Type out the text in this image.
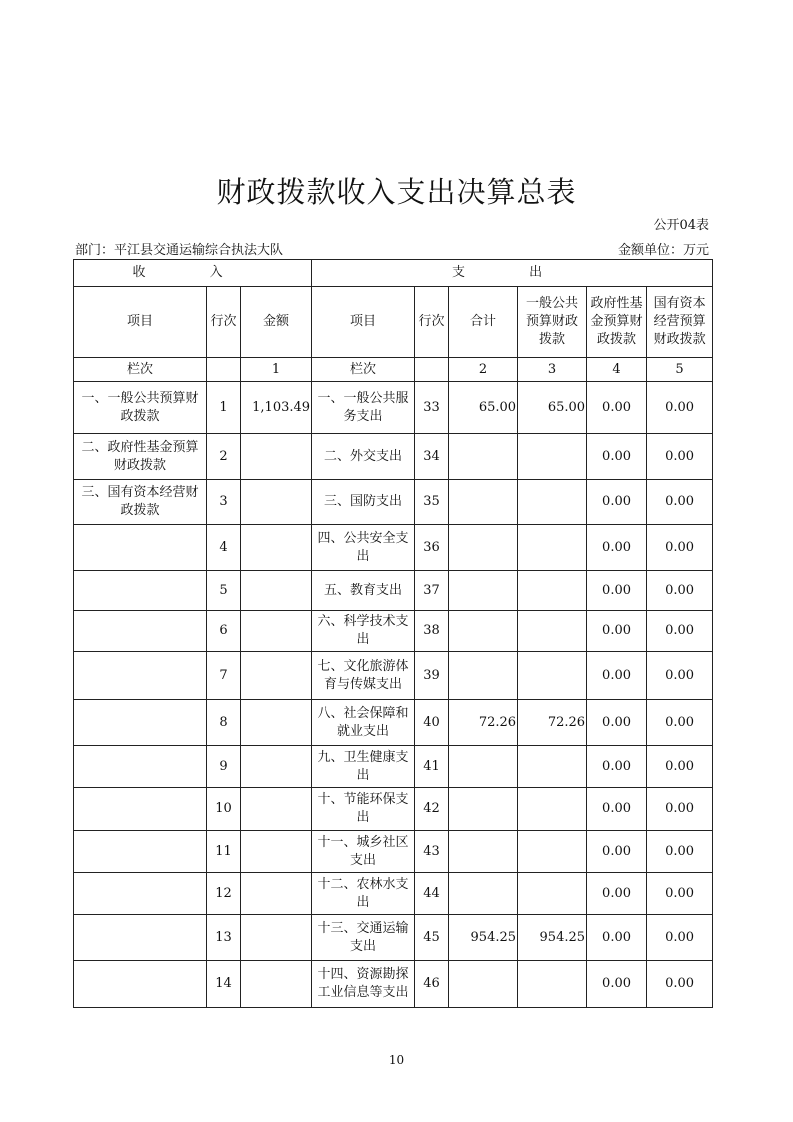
财政拨款收入支出决算总表
公开04表
部门：平江县交通运输综合执法大队	金额单位：万元
收 入			支 出					
项目	行次	金额	项目	行次	合计	一般公共预算财政拨款	政府性基金预算财政拨款	国有资本经营预算财政拨款
栏次		1	栏次		2	3	4	5
一、一般公共预算财政拨款	1	1,103.49	一、一般公共服务支出	33	65.00	65.00	0.00	0.00
二、政府性基金预算财政拨款	2		二、外交支出	34			0.00	0.00
三、国有资本经营财政拨款	3		三、国防支出	35			0.00	0.00
	4		四、公共安全支出	36			0.00	0.00
	5		五、教育支出	37			0.00	0.00
	6		六、科学技术支出	38			0.00	0.00
	7		七、文化旅游体育与传媒支出	39			0.00	0.00
	8		八、社会保障和就业支出	40	72.26	72.26	0.00	0.00
	9		九、卫生健康支出	41			0.00	0.00
	10		十、节能环保支出	42			0.00	0.00
	11		十一、城乡社区支出	43			0.00	0.00
	12		十二、农林水支出	44			0.00	0.00
	13		十三、交通运输支出	45	954.25	954.25	0.00	0.00
	14		十四、资源勘探工业信息等支出	46			0.00	0.00
10
